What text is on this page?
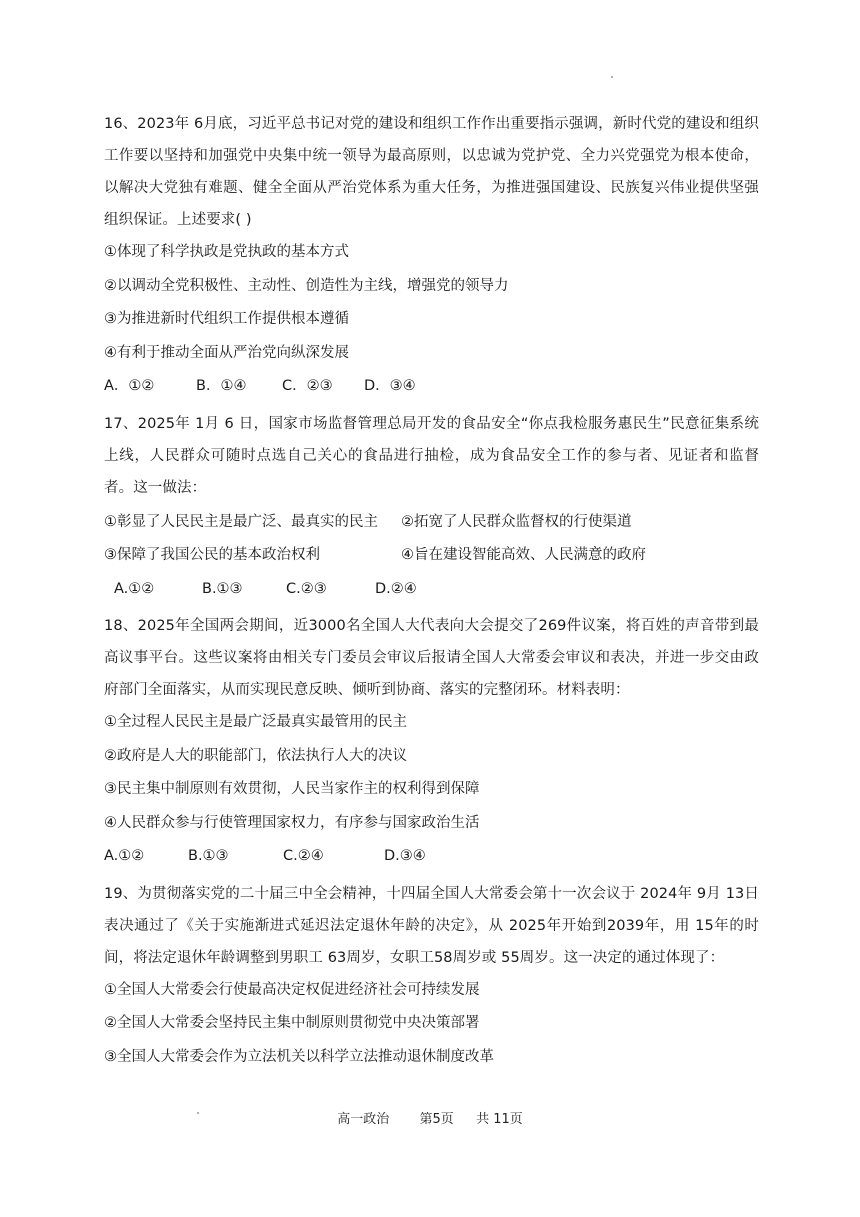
16、2023年 6月底，习近平总书记对党的建设和组织工作作出重要指示强调，新时代党的建设和组织工作要以坚持和加强党中央集中统一领导为最高原则，以忠诚为党护党、全力兴党强党为根本使命，以解决大党独有难题、健全全面从严治党体系为重大任务，为推进强国建设、民族复兴伟业提供坚强组织保证。上述要求( )

①体现了科学执政是党执政的基本方式

②以调动全党积极性、主动性、创造性为主线，增强党的领导力

③为推进新时代组织工作提供根本遵循

④有利于推动全面从严治党向纵深发展

A．①②	B．①④ C．②③ D．③④

17、2025年 1月 6 日，国家市场监督管理总局开发的食品安全“你点我检服务惠民生”民意征集系统上线，人民群众可随时点选自己关心的食品进行抽检，成为食品安全工作的参与者、见证者和监督者。这一做法：

①彰显了人民民主是最广泛、最真实的民主 ②拓宽了人民群众监督权的行使渠道

③保障了我国公民的基本政治权利	④旨在建设智能高效、人民满意的政府

A.①②	B.①③	C.②③	D.②④

18、2025年全国两会期间，近3000名全国人大代表向大会提交了269件议案，将百姓的声音带到最高议事平台。这些议案将由相关专门委员会审议后报请全国人大常委会审议和表决，并进一步交由政府部门全面落实，从而实现民意反映、倾听到协商、落实的完整闭环。材料表明：

①全过程人民民主是最广泛最真实最管用的民主

②政府是人大的职能部门，依法执行人大的决议

③民主集中制原则有效贯彻，人民当家作主的权利得到保障

④人民群众参与行使管理国家权力，有序参与国家政治生活

A.①②	B.①③	C.②④	D.③④

19、为贯彻落实党的二十届三中全会精神，十四届全国人大常委会第十一次会议于 2024年 9月 13日表决通过了《关于实施渐进式延迟法定退休年龄的决定》，从 2025年开始到2039年，用 15年的时间，将法定退休年龄调整到男职工 63周岁，女职工58周岁或 55周岁。这一决定的通过体现了：

①全国人大常委会行使最高决定权促进经济社会可持续发展

②全国人大常委会坚持民主集中制原则贯彻党中央决策部署

③全国人大常委会作为立法机关以科学立法推动退休制度改革

高一政治 第5页 共 11页
